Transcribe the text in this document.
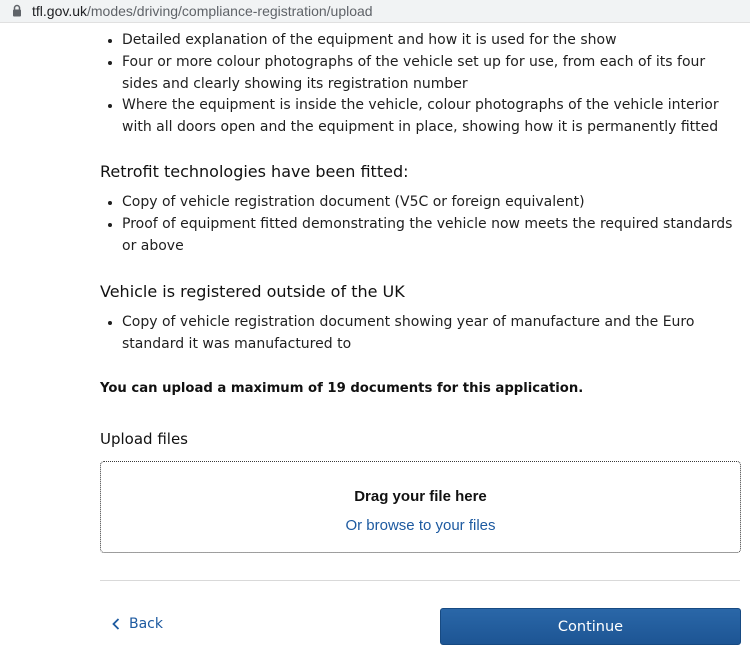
tfl.gov.uk/modes/driving/compliance-registration/upload
• Detailed explanation of the equipment and how it is used for the show
• Four or more colour photographs of the vehicle set up for use, from each of its four sides and clearly showing its registration number
• Where the equipment is inside the vehicle, colour photographs of the vehicle interior with all doors open and the equipment in place, showing how it is permanently fitted
Retrofit technologies have been fitted:
• Copy of vehicle registration document (V5C or foreign equivalent)
• Proof of equipment fitted demonstrating the vehicle now meets the required standards or above
Vehicle is registered outside of the UK
• Copy of vehicle registration document showing year of manufacture and the Euro standard it was manufactured to

You can upload a maximum of 19 documents for this application.

Upload files

Drag your file here
Or browse to your files
Back	Continue
